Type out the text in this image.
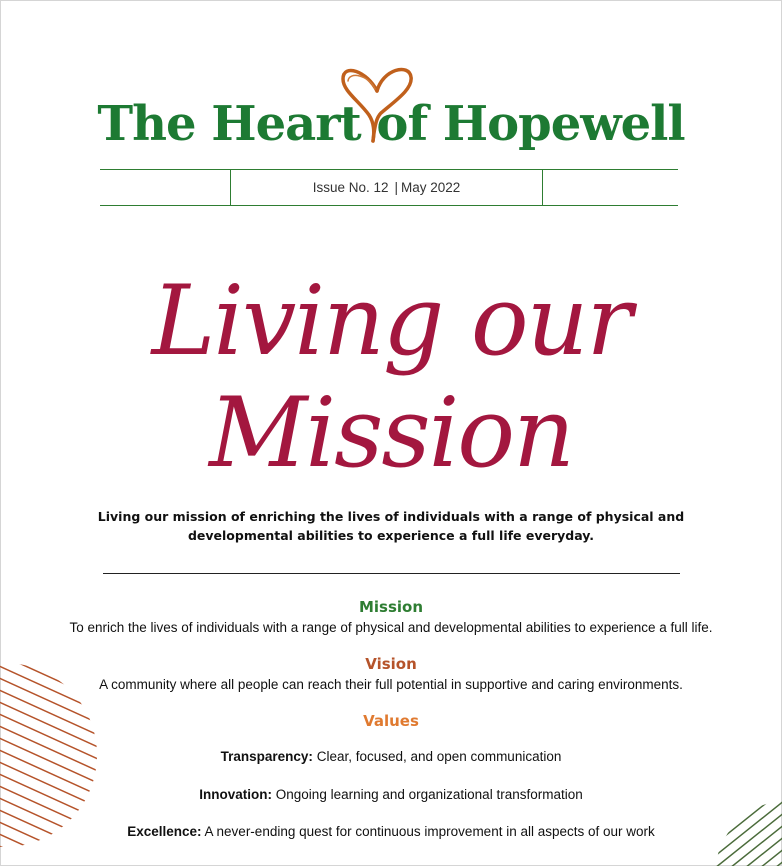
The Heart of Hopewell
Issue No. 12 | May 2022
Living our Mission
Living our mission of enriching the lives of individuals with a range of physical and developmental abilities to experience a full life everyday.
Mission
To enrich the lives of individuals with a range of physical and developmental abilities to experience a full life.
Vision
A community where all people can reach their full potential in supportive and caring environments.
Values
Transparency: Clear, focused, and open communication
Innovation: Ongoing learning and organizational transformation
Excellence: A never-ending quest for continuous improvement in all aspects of our work
